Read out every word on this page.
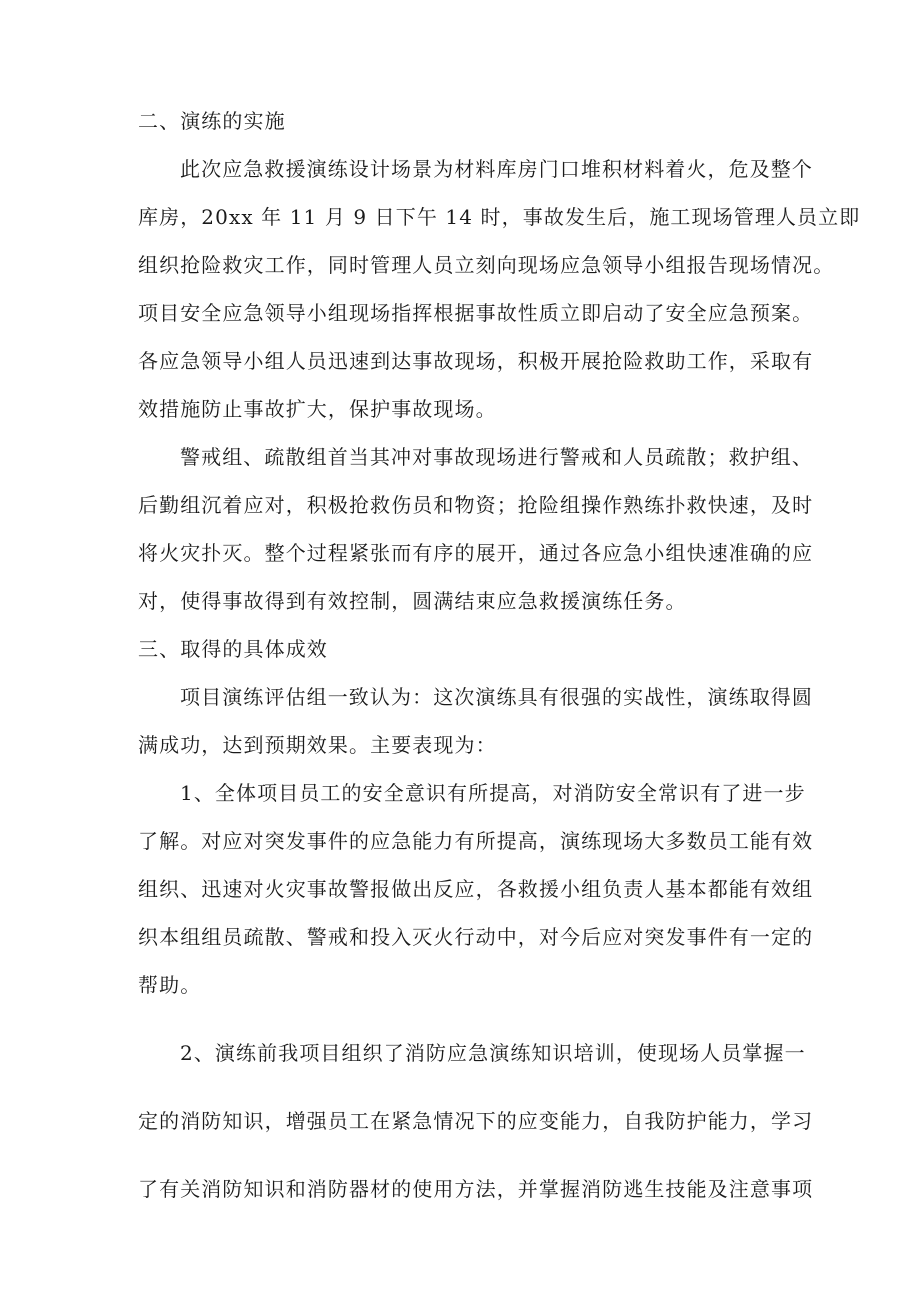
二、演练的实施
此次应急救援演练设计场景为材料库房门口堆积材料着火，危及整个
库房，20xx 年 11 月 9 日下午 14 时，事故发生后，施工现场管理人员立即
组织抢险救灾工作，同时管理人员立刻向现场应急领导小组报告现场情况。
项目安全应急领导小组现场指挥根据事故性质立即启动了安全应急预案。
各应急领导小组人员迅速到达事故现场，积极开展抢险救助工作，采取有
效措施防止事故扩大，保护事故现场。
警戒组、疏散组首当其冲对事故现场进行警戒和人员疏散；救护组、
后勤组沉着应对，积极抢救伤员和物资；抢险组操作熟练扑救快速，及时
将火灾扑灭。整个过程紧张而有序的展开，通过各应急小组快速准确的应
对，使得事故得到有效控制，圆满结束应急救援演练任务。
三、取得的具体成效
项目演练评估组一致认为：这次演练具有很强的实战性，演练取得圆
满成功，达到预期效果。主要表现为：
1、全体项目员工的安全意识有所提高，对消防安全常识有了进一步
了解。对应对突发事件的应急能力有所提高，演练现场大多数员工能有效
组织、迅速对火灾事故警报做出反应，各救援小组负责人基本都能有效组
织本组组员疏散、警戒和投入灭火行动中，对今后应对突发事件有一定的
帮助。
2、演练前我项目组织了消防应急演练知识培训，使现场人员掌握一
定的消防知识，增强员工在紧急情况下的应变能力，自我防护能力，学习
了有关消防知识和消防器材的使用方法，并掌握消防逃生技能及注意事项
